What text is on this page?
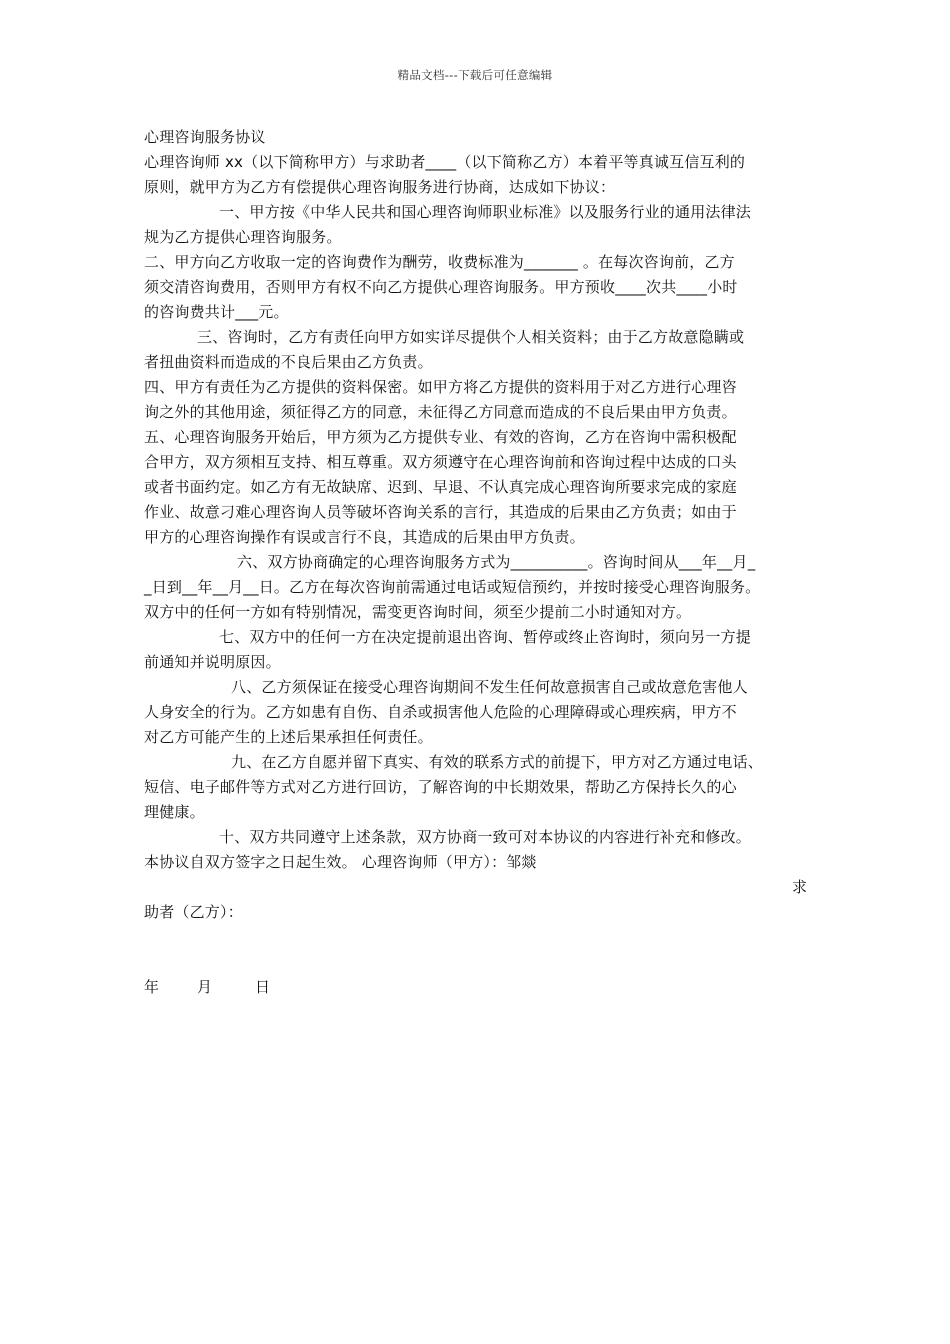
精品文档---下载后可任意编辑
心理咨询服务协议
心理咨询师 xx（以下简称甲方）与求助者____（以下简称乙方）本着平等真诚互信互利的
原则，就甲方为乙方有偿提供心理咨询服务进行协商，达成如下协议：
一、甲方按《中华人民共和国心理咨询师职业标准》以及服务行业的通用法律法
规为乙方提供心理咨询服务。
二、甲方向乙方收取一定的咨询费作为酬劳，收费标准为_______ 。在每次咨询前，乙方
须交清咨询费用，否则甲方有权不向乙方提供心理咨询服务。甲方预收____次共____小时
的咨询费共计___元。
三、咨询时，乙方有责任向甲方如实详尽提供个人相关资料；由于乙方故意隐瞒或
者扭曲资料而造成的不良后果由乙方负责。
四、甲方有责任为乙方提供的资料保密。如甲方将乙方提供的资料用于对乙方进行心理咨
询之外的其他用途，须征得乙方的同意，未征得乙方同意而造成的不良后果由甲方负责。
五、心理咨询服务开始后，甲方须为乙方提供专业、有效的咨询，乙方在咨询中需积极配
合甲方，双方须相互支持、相互尊重。双方须遵守在心理咨询前和咨询过程中达成的口头
或者书面约定。如乙方有无故缺席、迟到、早退、不认真完成心理咨询所要求完成的家庭
作业、故意刁难心理咨询人员等破坏咨询关系的言行，其造成的后果由乙方负责；如由于
甲方的心理咨询操作有误或言行不良，其造成的后果由甲方负责。
六、双方协商确定的心理咨询服务方式为__________。咨询时间从___年__月_
_日到__年__月__日。乙方在每次咨询前需通过电话或短信预约，并按时接受心理咨询服务。
双方中的任何一方如有特别情况，需变更咨询时间，须至少提前二小时通知对方。
七、双方中的任何一方在决定提前退出咨询、暂停或终止咨询时，须向另一方提
前通知并说明原因。
八、乙方须保证在接受心理咨询期间不发生任何故意损害自己或故意危害他人
人身安全的行为。乙方如患有自伤、自杀或损害他人危险的心理障碍或心理疾病，甲方不
对乙方可能产生的上述后果承担任何责任。
九、在乙方自愿并留下真实、有效的联系方式的前提下，甲方对乙方通过电话、
短信、电子邮件等方式对乙方进行回访，了解咨询的中长期效果，帮助乙方保持长久的心
理健康。
十、双方共同遵守上述条款，双方协商一致可对本协议的内容进行补充和修改。
本协议自双方签字之日起生效。 心理咨询师（甲方）：邹燚
求
助者（乙方）：
年	月	日
